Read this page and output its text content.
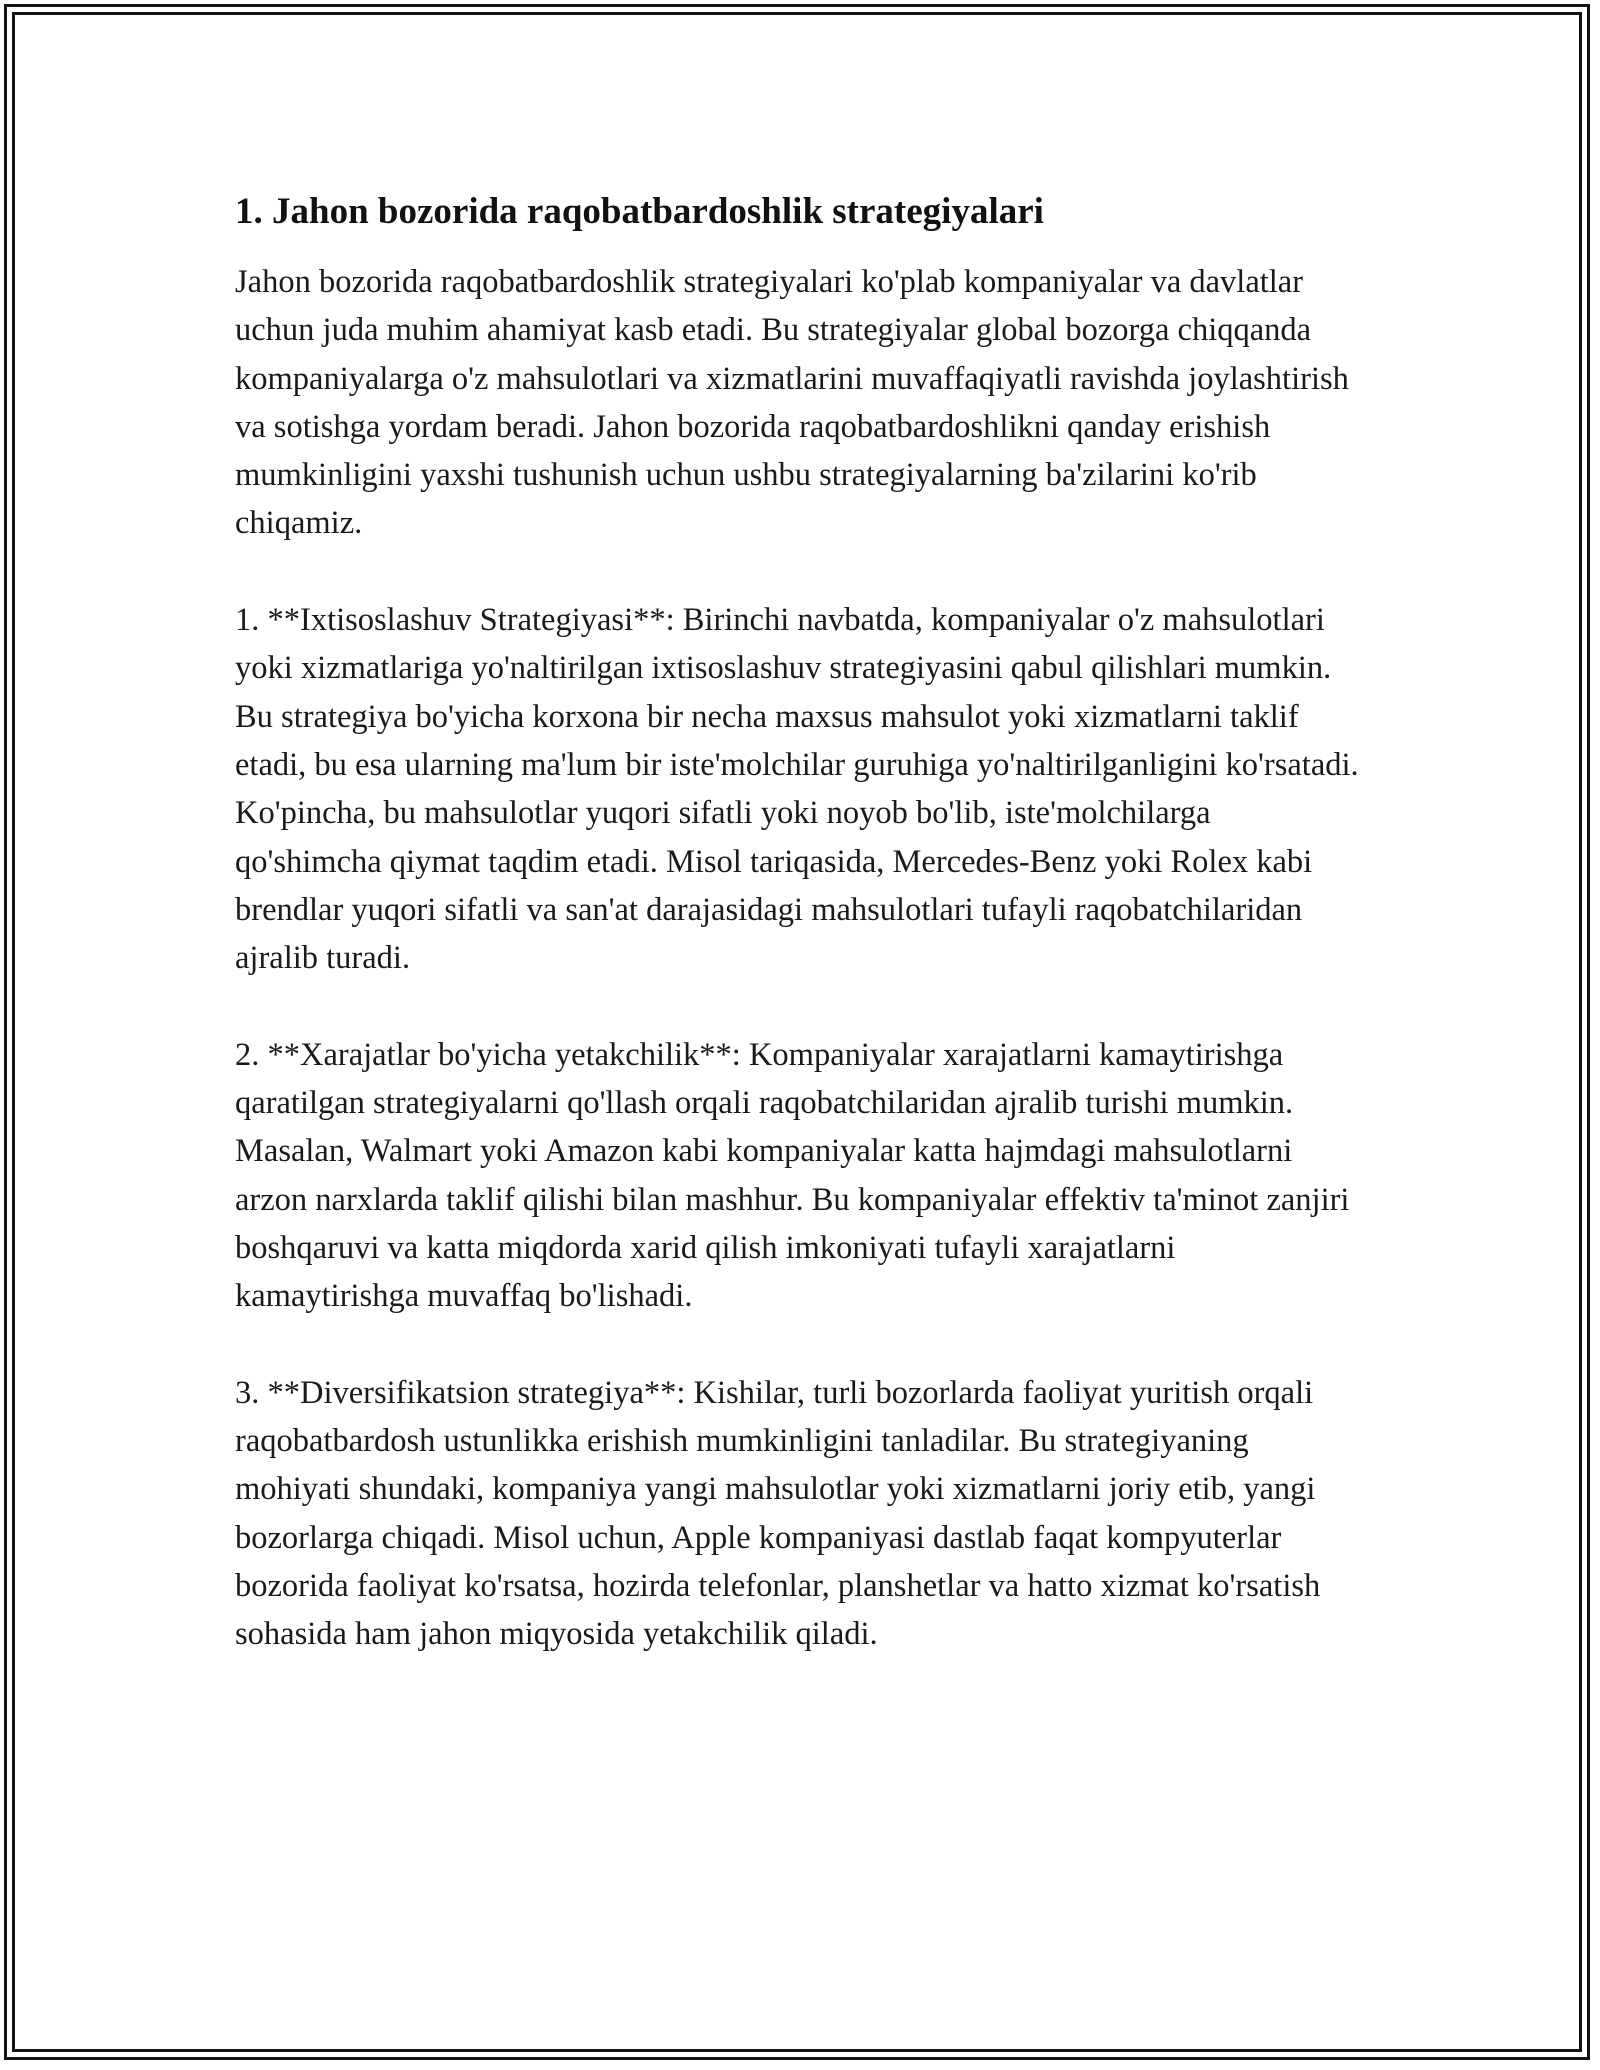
1. Jahon bozorida raqobatbardoshlik strategiyalari

Jahon bozorida raqobatbardoshlik strategiyalari ko'plab kompaniyalar va davlatlar uchun juda muhim ahamiyat kasb etadi. Bu strategiyalar global bozorga chiqqanda kompaniyalarga o'z mahsulotlari va xizmatlarini muvaffaqiyatli ravishda joylashtirish va sotishga yordam beradi. Jahon bozorida raqobatbardoshlikni qanday erishish mumkinligini yaxshi tushunish uchun ushbu strategiyalarning ba'zilarini ko'rib chiqamiz.

1. **Ixtisoslashuv Strategiyasi**: Birinchi navbatda, kompaniyalar o'z mahsulotlari yoki xizmatlariga yo'naltirilgan ixtisoslashuv strategiyasini qabul qilishlari mumkin. Bu strategiya bo'yicha korxona bir necha maxsus mahsulot yoki xizmatlarni taklif etadi, bu esa ularning ma'lum bir iste'molchilar guruhiga yo'naltirilganligini ko'rsatadi. Ko'pincha, bu mahsulotlar yuqori sifatli yoki noyob bo'lib, iste'molchilarga qo'shimcha qiymat taqdim etadi. Misol tariqasida, Mercedes-Benz yoki Rolex kabi brendlar yuqori sifatli va san'at darajasidagi mahsulotlari tufayli raqobatchilaridan ajralib turadi.

2. **Xarajatlar bo'yicha yetakchilik**: Kompaniyalar xarajatlarni kamaytirishga qaratilgan strategiyalarni qo'llash orqali raqobatchilaridan ajralib turishi mumkin. Masalan, Walmart yoki Amazon kabi kompaniyalar katta hajmdagi mahsulotlarni arzon narxlarda taklif qilishi bilan mashhur. Bu kompaniyalar effektiv ta'minot zanjiri boshqaruvi va katta miqdorda xarid qilish imkoniyati tufayli xarajatlarni kamaytirishga muvaffaq bo'lishadi.

3. **Diversifikatsion strategiya**: Kishilar, turli bozorlarda faoliyat yuritish orqali raqobatbardosh ustunlikka erishish mumkinligini tanladilar. Bu strategiyaning mohiyati shundaki, kompaniya yangi mahsulotlar yoki xizmatlarni joriy etib, yangi bozorlarga chiqadi. Misol uchun, Apple kompaniyasi dastlab faqat kompyuterlar bozorida faoliyat ko'rsatsa, hozirda telefonlar, planshetlar va hatto xizmat ko'rsatish sohasida ham jahon miqyosida yetakchilik qiladi.
